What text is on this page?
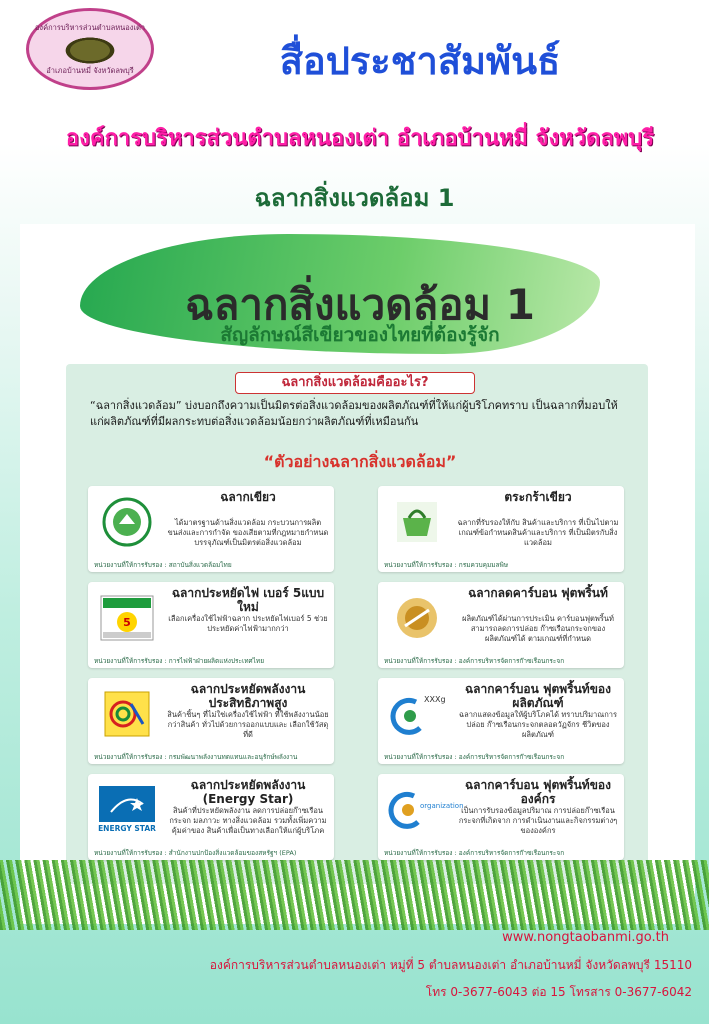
องค์การบริหารส่วนตำบลหนองเต่า
อำเภอบ้านหมี่ จังหวัดลพบุรี	สื่อประชาสัมพันธ์
องค์การบริหารส่วนตำบลหนองเต่า อำเภอบ้านหมี่ จังหวัดลพบุรี
ฉลากสิ่งแวดล้อม 1
ฉลากสิ่งแวดล้อม 1
สัญลักษณ์สีเขียวของไทยที่ต้องรู้จัก
ฉลากสิ่งแวดล้อมคืออะไร?
“ฉลากสิ่งแวดล้อม” บ่งบอกถึงความเป็นมิตรต่อสิ่งแวดล้อมของผลิตภัณฑ์ที่ให้แก่ผู้บริโภคทราบ เป็นฉลากที่มอบให้แก่ผลิตภัณฑ์ที่มีผลกระทบต่อสิ่งแวดล้อมน้อยกว่าผลิตภัณฑ์ที่เหมือนกัน
“ตัวอย่างฉลากสิ่งแวดล้อม”
ฉลากเขียว
ได้มาตรฐานด้านสิ่งแวดล้อม กระบวนการผลิต ขนส่งและการกำจัด ของเสียตามที่กฎหมายกำหนด บรรจุภัณฑ์เป็นมิตรต่อสิ่งแวดล้อม
หน่วยงานที่ให้การรับรอง : สถาบันสิ่งแวดล้อมไทย
ตระกร้าเขียว
ฉลากที่รับรองให้กับ สินค้าและบริการ ที่เป็นไปตาม เกณฑ์ข้อกำหนดสินค้าและบริการ ที่เป็นมิตรกับสิ่งแวดล้อม
หน่วยงานที่ให้การรับรอง : กรมควบคุมมลพิษ
5
ฉลากประหยัดไฟ เบอร์ 5แบบใหม่
เลือกเครื่องใช้ไฟฟ้าฉลาก ประหยัดไฟเบอร์ 5 ช่วยประหยัดค่าไฟฟ้ามากกว่า
หน่วยงานที่ให้การรับรอง : การไฟฟ้าฝ่ายผลิตแห่งประเทศไทย
ฉลากลดคาร์บอน ฟุตพริ้นท์
ผลิตภัณฑ์ได้ผ่านการประเมิน คาร์บอนฟุตพริ้นท์ สามารถลดการปล่อย ก๊าซเรือนกระจกของผลิตภัณฑ์ได้ ตามเกณฑ์ที่กำหนด
หน่วยงานที่ให้การรับรอง : องค์การบริหารจัดการก๊าซเรือนกระจก
ฉลากประหยัดพลังงาน ประสิทธิภาพสูง
สินค้าชิ้นๆ ที่ไม่ใช่เครื่องใช้ไฟฟ้า ที่ใช้พลังงานน้อยกว่าสินค้า ทั่วไปด้วยการออกแบบและ เลือกใช้วัสดุที่ดี
หน่วยงานที่ให้การรับรอง : กรมพัฒนาพลังงานทดแทนและอนุรักษ์พลังงาน
XXXg
ฉลากคาร์บอน ฟุตพริ้นท์ของผลิตภัณฑ์
ฉลากแสดงข้อมูลให้ผู้บริโภคได้ ทราบปริมาณการปล่อย ก๊าซเรือนกระจกตลอดวัฏจักร ชีวิตของผลิตภัณฑ์
หน่วยงานที่ให้การรับรอง : องค์การบริหารจัดการก๊าซเรือนกระจก
ENERGY STAR
ฉลากประหยัดพลังงาน (Energy Star)
สินค้าที่ประหยัดพลังงาน ลดการปล่อยก๊าซเรือนกระจก มลภาวะ ทางสิ่งแวดล้อม รวมทั้งเพิ่มความคุ้มค่าของ สินค้าเพื่อเป็นทางเลือกให้แก่ผู้บริโภค
หน่วยงานที่ให้การรับรอง : สำนักงานปกป้องสิ่งแวดล้อมของสหรัฐฯ (EPA)
organization
ฉลากคาร์บอน ฟุตพริ้นท์ขององค์กร
เป็นการรับรองข้อมูลปริมาณ การปล่อยก๊าซเรือนกระจกที่เกิดจาก การดำเนินงานและกิจกรรมต่างๆ ขององค์กร
หน่วยงานที่ให้การรับรอง : องค์การบริหารจัดการก๊าซเรือนกระจก
www.nongtaobanmi.go.th
องค์การบริหารส่วนตำบลหนองเต่า หมู่ที่ 5 ตำบลหนองเต่า อำเภอบ้านหมี่ จังหวัดลพบุรี 15110
โทร 0-3677-6043 ต่อ 15 โทรสาร 0-3677-6042
